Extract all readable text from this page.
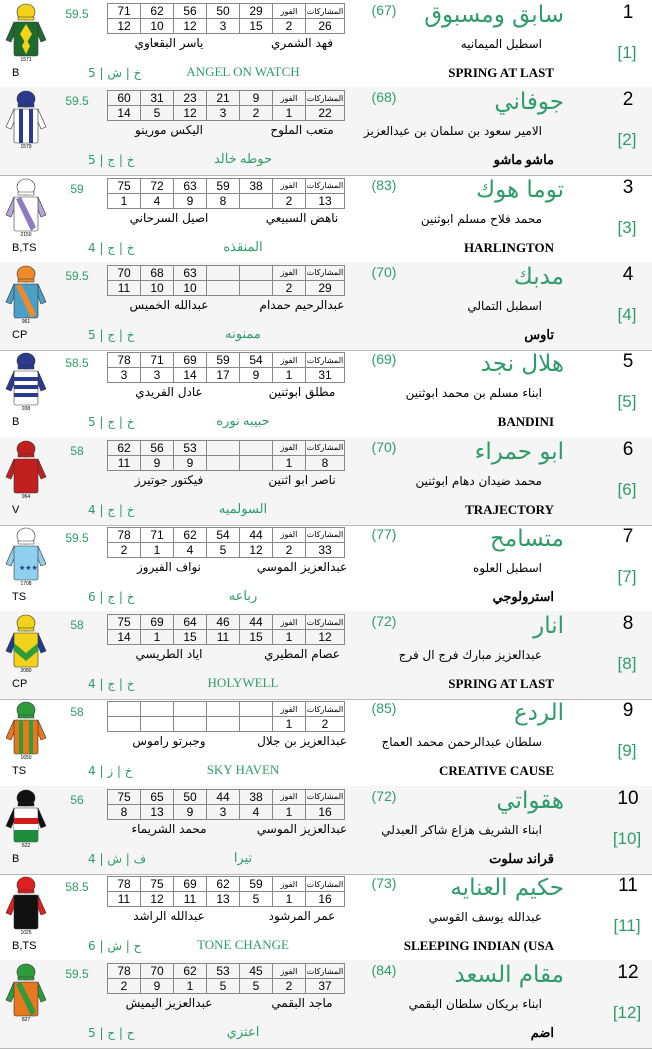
1571
59.5
B	خ | ش | 5
71	62	56	50	29	الفوز	المشاركات
12	10	12	3	15	2	26
فهد الشمري
ياسر البقعاوي
ANGEL ON WATCH
(67)	سابق ومسبوق
اسطبل الميمانيه
SPRING AT LAST
1
[1]
1579
59.5
خ | ج | 5
60	31	23	21	9	الفوز	المشاركات
14	5	12	3	2	1	22
متعب الملوح
اليكس مورينو
حوطه خالد
(68)	جوفاني
الامير سعود بن سلمان بن عبدالعزيز
ماشو ماشو
2
[2]
2150
59
B,TS	خ | ج | 4
75	72	63	59	38	الفوز	المشاركات
1	4	9	8		2	13
ناهض السبيعي
اصيل السرحاني
المنقذه
(83)	توما هوك
محمد فلاح مسلم ابوثنين
HARLINGTON
3
[3]
961
59.5
CP	خ | ج | 5
70	68	63			الفوز	المشاركات
11	10	10			2	29
عبدالرحيم حمدام
عبدالله الخميس
ممنونه
(70)	مدبك
اسطبل التمالي
تاوس
4
[4]
938
58.5
B	خ | ج | 5
78	71	69	59	54	الفوز	المشاركات
3	3	14	17	9	1	31
مطلق ابوثنين
عادل الفريدي
حبيبه نوره
(69)	هلال نجد
ابناء مسلم بن محمد ابوثنين
BANDINI
5
[5]
964
58
V	خ | ج | 4
62	56	53			الفوز	المشاركات
11	9	9			1	8
ناصر ابو اثنين
فيكتور جوتيرز
السولميه
(70)	ابو حمراء
محمد ضيدان دهام ابوثنين
TRAJECTORY
6
[6]
★★★
1708
59.5
TS	خ | ج | 6
78	71	62	54	44	الفوز	المشاركات
2	1	4	5	12	2	33
عبدالعزيز الموسي
نواف الفيروز
رباعه
(77)	متسامح
اسطبل العلوه
استرولوجي
7
[7]
2080
58
CP	خ | ج | 4
75	69	64	46	44	الفوز	المشاركات
14	1	15	11	15	1	12
عصام المطيري
اياد الطريسي
HOLYWELL
(72)	انار
عبدالعزيز مبارك فرج ال فرج
SPRING AT LAST
8
[8]
1650
58
TS	خ | ز | 4
					الفوز	المشاركات
					1	2
عبدالعزيز بن جلال
وجبرتو راموس
SKY HAVEN
(85)	الردع
سلطان عبدالرحمن محمد العماج
CREATIVE CAUSE
9
[9]
622
56
B	ف | ش | 4
75	65	50	44	38	الفوز	المشاركات
8	13	9	3	4	1	16
عبدالعزيز الموسي
محمد الشريماء
تيرا
(72)	هقواتي
ابناء الشريف هزاع شاكر العبدلي
قراند سلوت
10
[10]
1025
58.5
B,TS	ح | ش | 6
78	75	69	62	59	الفوز	المشاركات
11	12	11	13	5	1	16
عمر المرشود
عبدالله الراشد
TONE CHANGE
(73)	حكيم العنايه
عبدالله يوسف القوسي
SLEEPING INDIAN (USA
11
[11]
827
59.5
ح | ح | 5
78	70	62	53	45	الفوز	المشاركات
2	9	1	5	5	2	37
ماجد البقمي
عبدالعزيز اليميش
اعتزي
(84)	مقام السعد
ابناء بريكان سلطان البقمي
اضم
12
[12]
